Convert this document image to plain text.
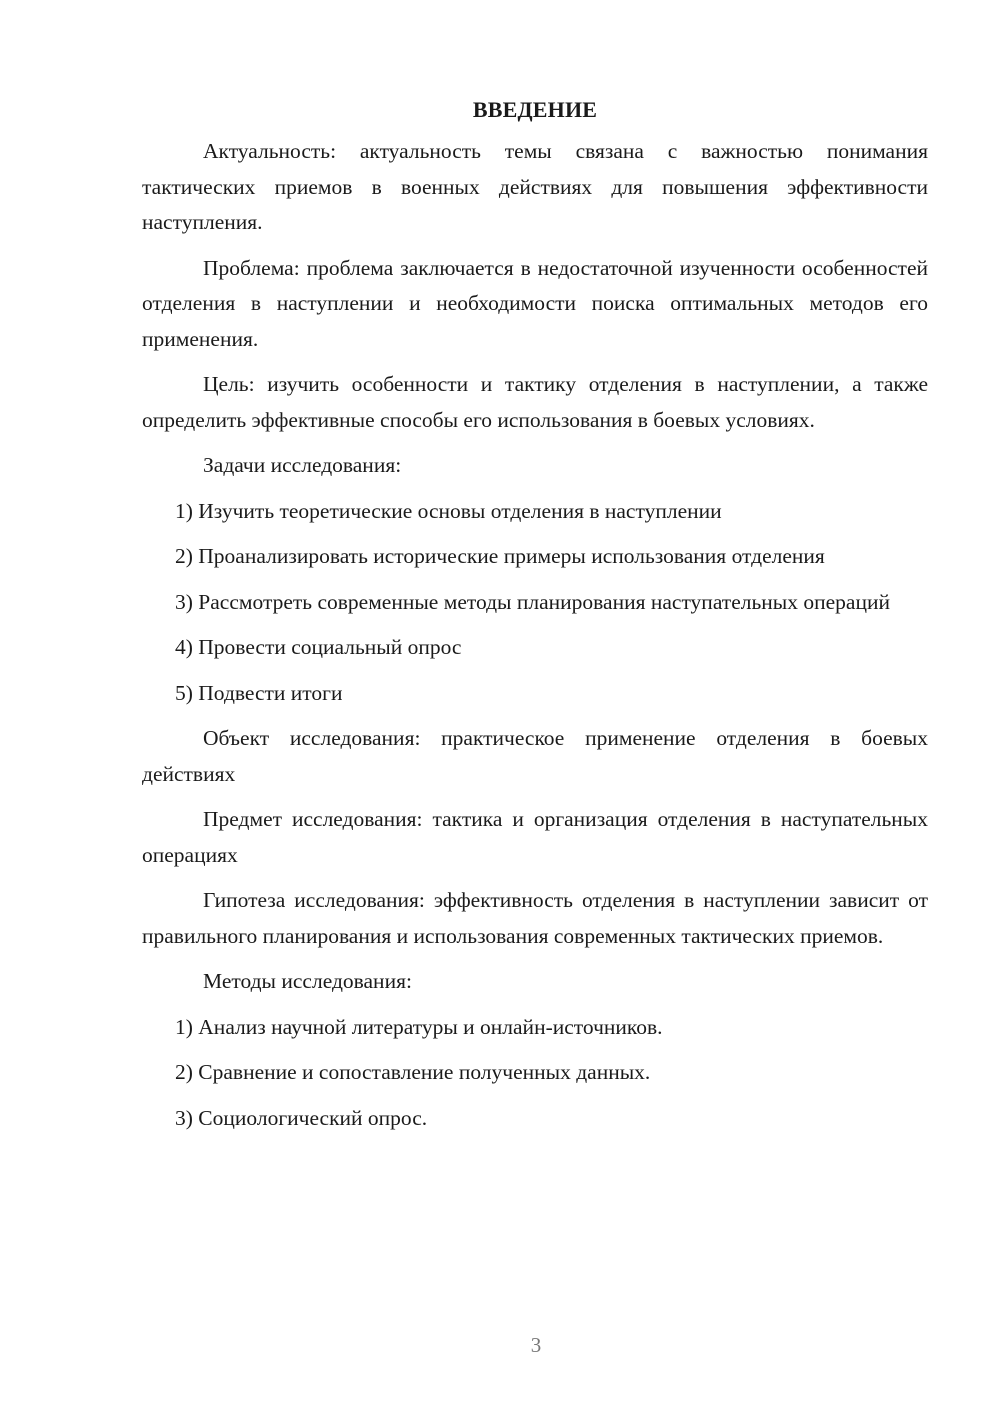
ВВЕДЕНИЕ

Актуальность: актуальность темы связана с важностью понимания тактических приемов в военных действиях для повышения эффективности наступления.

Проблема: проблема заключается в недостаточной изученности особенностей отделения в наступлении и необходимости поиска оптимальных методов его применения.

Цель: изучить особенности и тактику отделения в наступлении, а также определить эффективные способы его использования в боевых условиях.

Задачи исследования:

1) Изучить теоретические основы отделения в наступлении

2) Проанализировать исторические примеры использования отделения

3) Рассмотреть современные методы планирования наступательных операций

4) Провести социальный опрос

5) Подвести итоги

Объект исследования: практическое применение отделения в боевых действиях

Предмет исследования: тактика и организация отделения в наступательных операциях

Гипотеза исследования: эффективность отделения в наступлении зависит от правильного планирования и использования современных тактических приемов.

Методы исследования:

1) Анализ научной литературы и онлайн-источников.

2) Сравнение и сопоставление полученных данных.

3) Социологический опрос.

3
